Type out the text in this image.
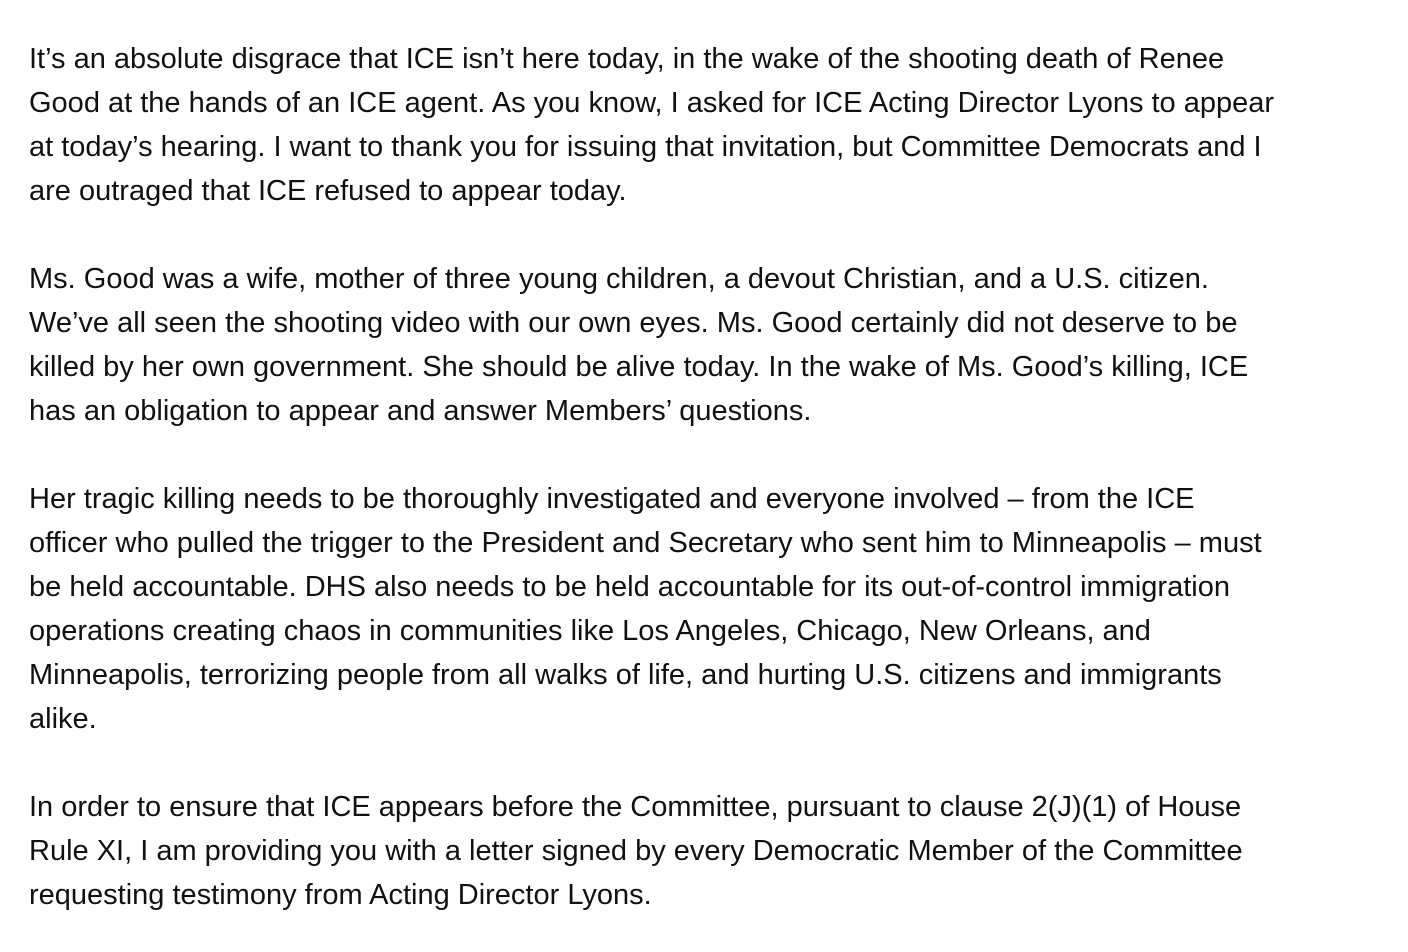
It’s an absolute disgrace that ICE isn’t here today, in the wake of the shooting death of Renee
Good at the hands of an ICE agent. As you know, I asked for ICE Acting Director Lyons to appear
at today’s hearing. I want to thank you for issuing that invitation, but Committee Democrats and I
are outraged that ICE refused to appear today.

Ms. Good was a wife, mother of three young children, a devout Christian, and a U.S. citizen.
We’ve all seen the shooting video with our own eyes. Ms. Good certainly did not deserve to be
killed by her own government. She should be alive today. In the wake of Ms. Good’s killing, ICE
has an obligation to appear and answer Members’ questions.

Her tragic killing needs to be thoroughly investigated and everyone involved – from the ICE
officer who pulled the trigger to the President and Secretary who sent him to Minneapolis – must
be held accountable. DHS also needs to be held accountable for its out-of-control immigration
operations creating chaos in communities like Los Angeles, Chicago, New Orleans, and
Minneapolis, terrorizing people from all walks of life, and hurting U.S. citizens and immigrants
alike.

In order to ensure that ICE appears before the Committee, pursuant to clause 2(J)(1) of House
Rule XI, I am providing you with a letter signed by every Democratic Member of the Committee
requesting testimony from Acting Director Lyons.
